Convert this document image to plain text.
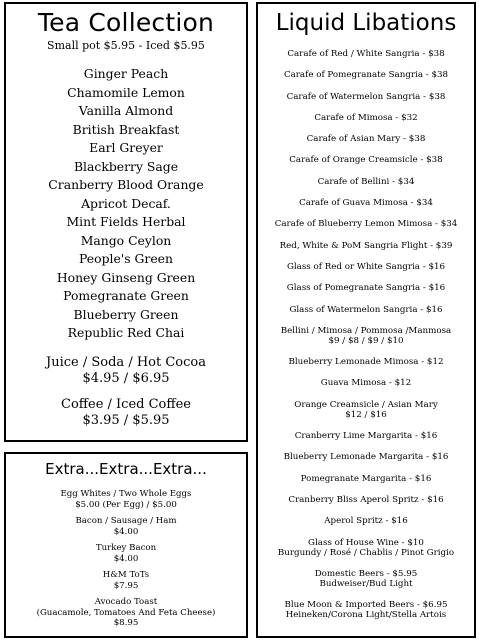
Tea Collection
Small pot $5.95 - Iced $5.95
Ginger Peach
Chamomile Lemon
Vanilla Almond
British Breakfast
Earl Greyer
Blackberry Sage
Cranberry Blood Orange
Apricot Decaf.
Mint Fields Herbal
Mango Ceylon
People's Green
Honey Ginseng Green
Pomegranate Green
Blueberry Green
Republic Red Chai
Juice / Soda / Hot Cocoa
$4.95 / $6.95
Coffee / Iced Coffee
$3.95 / $5.95
Extra...Extra...Extra...
Egg Whites / Two Whole Eggs
$5.00 (Per Egg) / $5.00
Bacon / Sausage / Ham
$4.00
Turkey Bacon
$4.00
H&M ToTs
$7.95
Avocado Toast
(Guacamole, Tomatoes And Feta Cheese)
$8.95
Liquid Libations
Carafe of Red / White Sangria - $38
Carafe of Pomegranate Sangria - $38
Carafe of Watermelon Sangria - $38
Carafe of Mimosa - $32
Carafe of Asian Mary - $38
Carafe of Orange Creamsicle - $38
Carafe of Bellini - $34
Carafe of Guava Mimosa - $34
Carafe of Blueberry Lemon Mimosa - $34
Red, White & PoM Sangria Flight - $39
Glass of Red or White Sangria - $16
Glass of Pomegranate Sangria - $16
Glass of Watermelon Sangria - $16
Bellini / Mimosa / Pommosa /Manmosa
$9 / $8 / $9 / $10
Blueberry Lemonade Mimosa - $12
Guava Mimosa - $12
Orange Creamsicle / Asian Mary
$12 / $16
Cranberry Lime Margarita - $16
Blueberry Lemonade Margarita - $16
Pomegranate Margarita - $16
Cranberry Bliss Aperol Spritz - $16
Aperol Spritz - $16
Glass of House Wine - $10
Burgundy / Rosé / Chablis / Pinot Grigio
Domestic Beers - $5.95
Budweiser/Bud Light
Blue Moon & Imported Beers - $6.95
Heineken/Corona Light/Stella Artois
